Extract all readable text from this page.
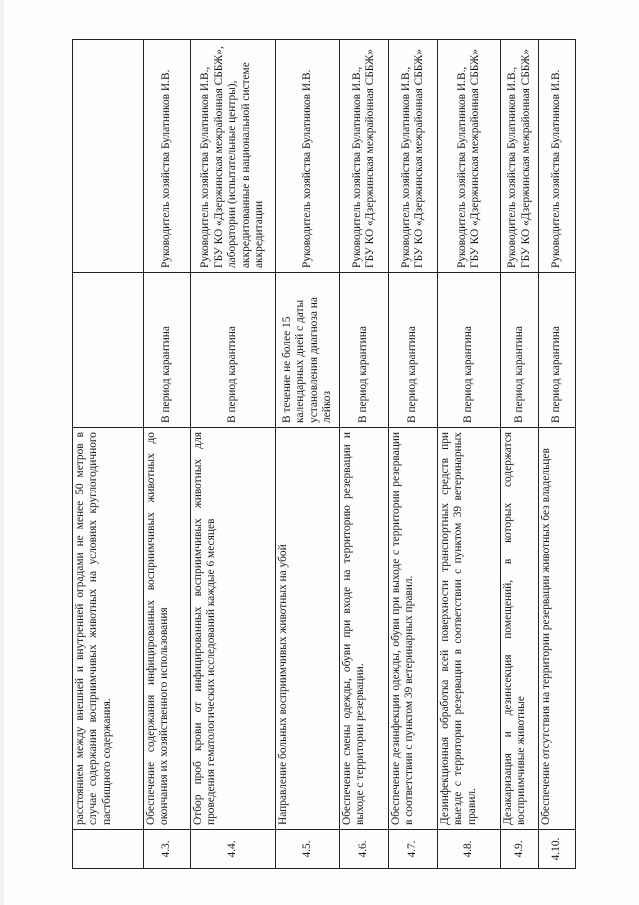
	расстоянием между внешней и внутренней оградами не менее 50 метров в случае содержания восприимчивых животных на условиях круглогодичного пастбищного содержания.		
4.3.	Обеспечение содержания инфицированных восприимчивых животных до окончания их хозяйственного использования	В период карантина	Руководитель хозяйства Булатников И.В.
4.4.	Отбор проб крови от инфицированных восприимчивых животных для проведения гематологических исследований каждые 6 месяцев	В период карантина	Руководитель хозяйства Булатников И.В., ГБУ КО «Дзержинская межрайонная СББЖ», лаборатории (испытательные центры), аккредитованные в национальной системе аккредитации
4.5.	Направление больных восприимчивых животных на убой	В течение не более 15 календарных дней с даты установления диагноза на лейкоз	Руководитель хозяйства Булатников И.В.
4.6.	Обеспечение смены одежды, обуви при входе на территорию резервации и выходе с территории резервации.	В период карантина	Руководитель хозяйства Булатников И.В., ГБУ КО «Дзержинская межрайонная СББЖ»
4.7.	Обеспечение дезинфекции одежды, обуви при выходе с территории резервации в соответствии с пунктом 39 ветеринарных правил.	В период карантина	Руководитель хозяйства Булатников И.В., ГБУ КО «Дзержинская межрайонная СББЖ»
4.8.	Дезинфекционная обработка всей поверхности транспортных средств при выезде с территории резервации в соответствии с пунктом 39 ветеринарных правил.	В период карантина	Руководитель хозяйства Булатников И.В., ГБУ КО «Дзержинская межрайонная СББЖ»
4.9.	Дезакаризация и дезинсекция помещений, в которых содержатся восприимчивые животные	В период карантина	Руководитель хозяйства Булатников И.В., ГБУ КО «Дзержинская межрайонная СББЖ»
4.10.	Обеспечение отсутствия на территории резервации животных без владельцев	В период карантина	Руководитель хозяйства Булатников И.В.
